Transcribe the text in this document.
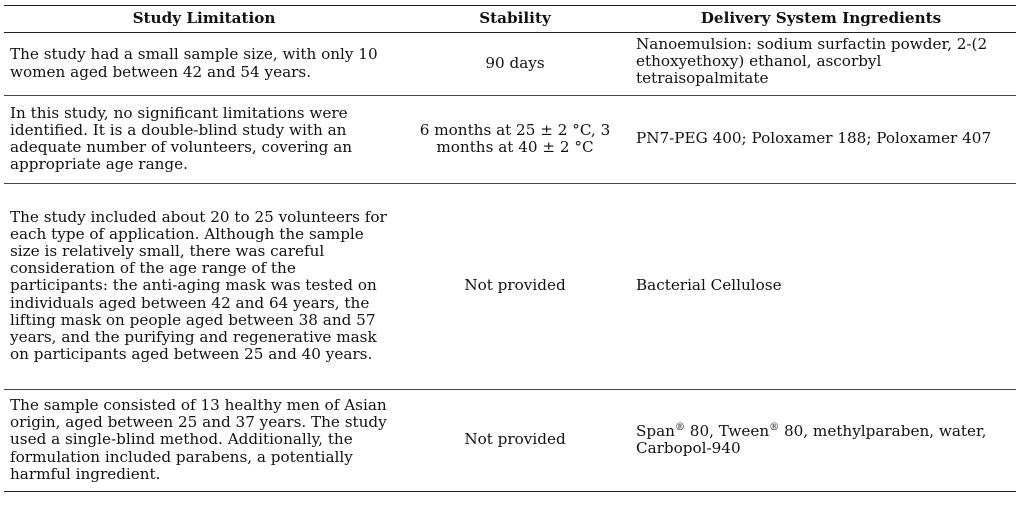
Study Limitation	Stability	Delivery System Ingredients
The study had a small sample size, with only 10 women aged between 42 and 54 years.	90 days	Nanoemulsion: sodium surfactin powder, 2-(2 ethoxyethoxy) ethanol, ascorbyl tetraisopalmitate
In this study, no significant limitations were identified. It is a double-blind study with an adequate number of volunteers, covering an appropriate age range.	6 months at 25 ± 2 °C, 3 months at 40 ± 2 °C	PN7-PEG 400; Poloxamer 188; Poloxamer 407
The study included about 20 to 25 volunteers for each type of application. Although the sample size is relatively small, there was careful consideration of the age range of the participants: the anti-aging mask was tested on individuals aged between 42 and 64 years, the lifting mask on people aged between 38 and 57 years, and the purifying and regenerative mask on participants aged between 25 and 40 years.	Not provided	Bacterial Cellulose
The sample consisted of 13 healthy men of Asian origin, aged between 25 and 37 years. The study used a single-blind method. Additionally, the formulation included parabens, a potentially harmful ingredient.	Not provided	Span® 80, Tween® 80, methylparaben, water, Carbopol-940
